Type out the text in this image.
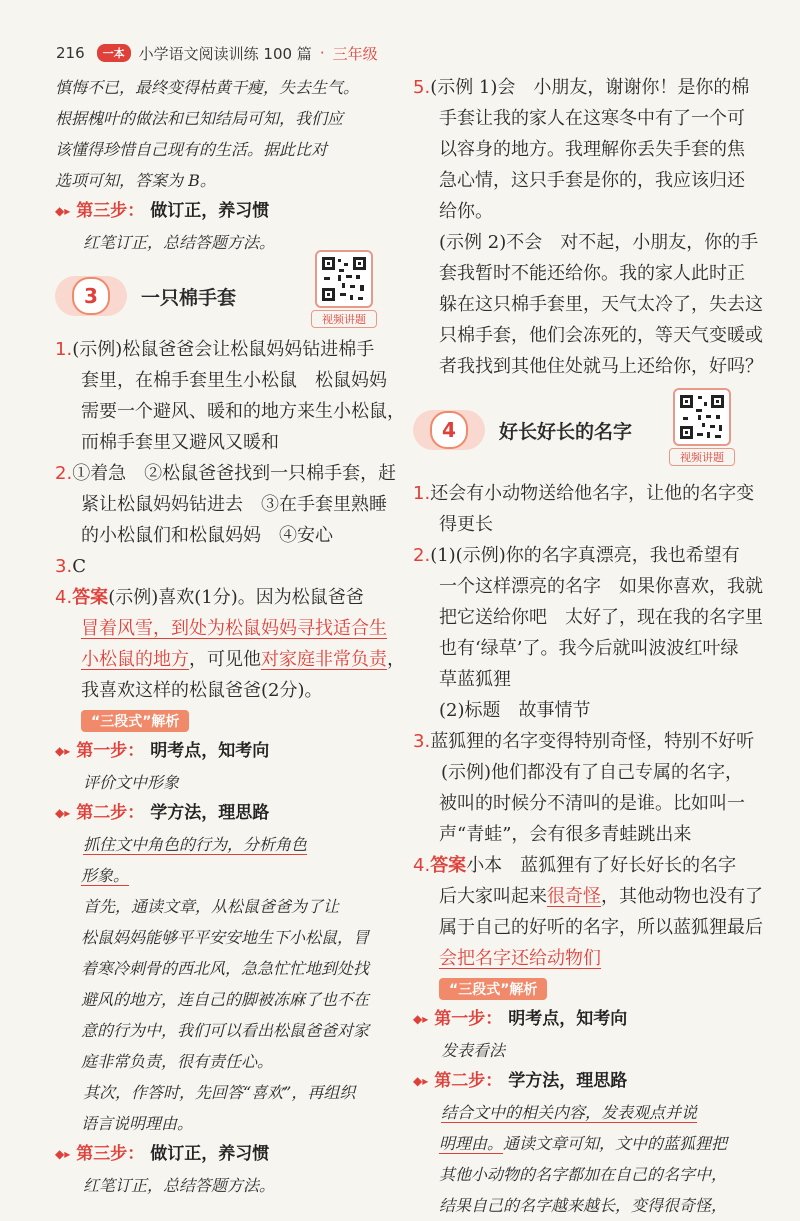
216	一本 小学语文阅读训练 100 篇 · 三年级
慎悔不已，最终变得枯黄干瘦，失去生气。
根据槐叶的做法和已知结局可知，我们应
该懂得珍惜自己现有的生活。据此比对
选项可知，答案为 B。
◆▸ 第三步： 做订正，养习惯
红笔订正，总结答题方法。
3	一只棉手套
视频讲题
1.(示例)松鼠爸爸会让松鼠妈妈钻进棉手
套里，在棉手套里生小松鼠　松鼠妈妈
需要一个避风、暖和的地方来生小松鼠，
而棉手套里又避风又暖和
2.①着急　②松鼠爸爸找到一只棉手套，赶
紧让松鼠妈妈钻进去　③在手套里熟睡
的小松鼠们和松鼠妈妈　④安心
3.C
4.答案(示例)喜欢(1分)。因为松鼠爸爸
冒着风雪，到处为松鼠妈妈寻找适合生
小松鼠的地方，可见他对家庭非常负责，
我喜欢这样的松鼠爸爸(2分)。
“三段式”解析
◆▸ 第一步： 明考点，知考向
评价文中形象
◆▸ 第二步： 学方法，理思路
抓住文中角色的行为，分析角色
形象。
首先，通读文章，从松鼠爸爸为了让
松鼠妈妈能够平平安安地生下小松鼠，冒
着寒冷刺骨的西北风，急急忙忙地到处找
避风的地方，连自己的脚被冻麻了也不在
意的行为中，我们可以看出松鼠爸爸对家
庭非常负责，很有责任心。
其次，作答时，先回答“喜欢”，再组织
语言说明理由。
◆▸ 第三步： 做订正，养习惯
红笔订正，总结答题方法。
5.(示例 1)会　小朋友，谢谢你！是你的棉
手套让我的家人在这寒冬中有了一个可
以容身的地方。我理解你丢失手套的焦
急心情，这只手套是你的，我应该归还
给你。
(示例 2)不会　对不起，小朋友，你的手
套我暂时不能还给你。我的家人此时正
躲在这只棉手套里，天气太冷了，失去这
只棉手套，他们会冻死的，等天气变暖或
者我找到其他住处就马上还给你，好吗？
4	好长好长的名字
视频讲题
1.还会有小动物送给他名字，让他的名字变
得更长
2.(1)(示例)你的名字真漂亮，我也希望有
一个这样漂亮的名字　如果你喜欢，我就
把它送给你吧　太好了，现在我的名字里
也有‘绿草’了。我今后就叫波波红叶绿
草蓝狐狸
(2)标题　故事情节
3.蓝狐狸的名字变得特别奇怪，特别不好听
(示例)他们都没有了自己专属的名字，
被叫的时候分不清叫的是谁。比如叫一
声“青蛙”，会有很多青蛙跳出来
4.答案小本　蓝狐狸有了好长好长的名字
后大家叫起来很奇怪，其他动物也没有了
属于自己的好听的名字，所以蓝狐狸最后
会把名字还给动物们
“三段式”解析
◆▸ 第一步： 明考点，知考向
发表看法
◆▸ 第二步： 学方法，理思路
结合文中的相关内容，发表观点并说
明理由。通读文章可知，文中的蓝狐狸把
其他小动物的名字都加在自己的名字中，
结果自己的名字越来越长，变得很奇怪，
